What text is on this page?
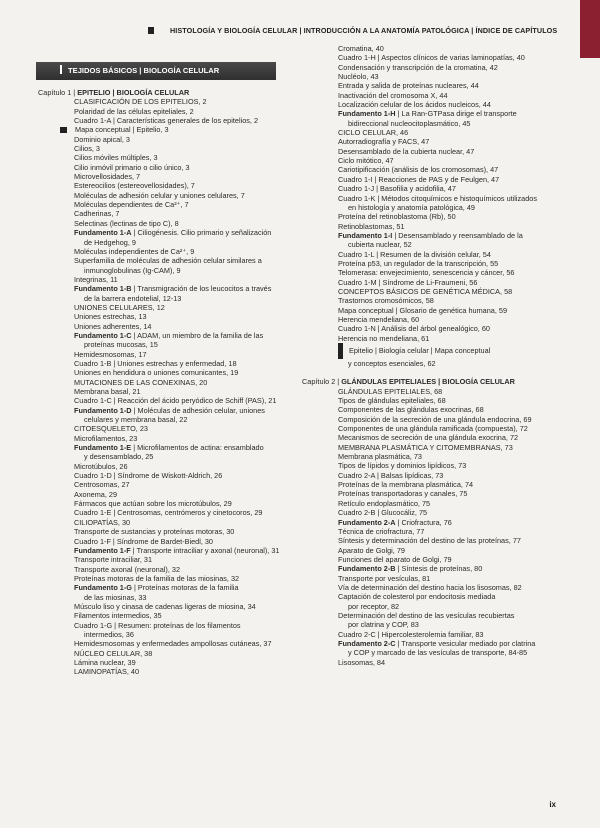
HISTOLOGÍA Y BIOLOGÍA CELULAR | INTRODUCCIÓN A LA ANATOMÍA PATOLÓGICA | ÍNDICE DE CAPÍTULOS
TEJIDOS BÁSICOS | BIOLOGÍA CELULAR
Capítulo 1 | EPITELIO | BIOLOGÍA CELULAR
CLASIFICACIÓN DE LOS EPITELIOS, 2
Polaridad de las células epiteliales, 2
Cuadro 1-A | Características generales de los epitelios, 2
Mapa conceptual | Epitelio, 3
Dominio apical, 3
Cilios, 3
Cilios móviles múltiples, 3
Cilio inmóvil primario o cilio único, 3
Microvellosidades, 7
Estereocilios (estereovellosidades), 7
Moléculas de adhesión celular y uniones celulares, 7
Moléculas dependientes de Ca²⁺, 7
Cadherinas, 7
Selectinas (lectinas de tipo C), 8
Fundamento 1-A | Ciliogénesis. Cilio primario y señalización
de Hedgehog, 9
Moléculas independientes de Ca²⁺, 9
Superfamilia de moléculas de adhesión celular similares a
inmunoglobulinas (Ig-CAM), 9
Integrinas, 11
Fundamento 1-B | Transmigración de los leucocitos a través
de la barrera endotelial, 12-13
UNIONES CELULARES, 12
Uniones estrechas, 13
Uniones adherentes, 14
Fundamento 1-C | ADAM, un miembro de la familia de las
proteínas mucosas, 15
Hemidesmosomas, 17
Cuadro 1-B | Uniones estrechas y enfermedad, 18
Uniones en hendidura o uniones comunicantes, 19
MUTACIONES DE LAS CONEXINAS, 20
Membrana basal, 21
Cuadro 1-C | Reacción del ácido peryódico de Schiff (PAS), 21
Fundamento 1-D | Moléculas de adhesión celular, uniones
celulares y membrana basal, 22
CITOESQUELETO, 23
Microfilamentos, 23
Fundamento 1-E | Microfilamentos de actina: ensamblado
y desensamblado, 25
Microtúbulos, 26
Cuadro 1-D | Síndrome de Wiskott-Aldrich, 26
Centrosomas, 27
Axonema, 29
Fármacos que actúan sobre los microtúbulos, 29
Cuadro 1-E | Centrosomas, centrómeros y cinetocoros, 29
CILIOPATÍAS, 30
Transporte de sustancias y proteínas motoras, 30
Cuadro 1-F | Síndrome de Bardet-Biedl, 30
Fundamento 1-F | Transporte intraciliar y axonal (neuronal), 31
Transporte intraciliar, 31
Transporte axonal (neuronal), 32
Proteínas motoras de la familia de las miosinas, 32
Fundamento 1-G | Proteínas motoras de la familia
de las miosinas, 33
Músculo liso y cinasa de cadenas ligeras de miosina, 34
Filamentos intermedios, 35
Cuadro 1-G | Resumen: proteínas de los filamentos
intermedios, 36
Hemidesmosomas y enfermedades ampollosas cutáneas, 37
NÚCLEO CELULAR, 38
Lámina nuclear, 39
LAMINOPATÍAS, 40
Cromatina, 40
Cuadro 1-H | Aspectos clínicos de varias laminopatías, 40
Condensación y transcripción de la cromatina, 42
Nucléolo, 43
Entrada y salida de proteínas nucleares, 44
Inactivación del cromosoma X, 44
Localización celular de los ácidos nucleicos, 44
Fundamento 1-H | La Ran-GTPasa dirige el transporte
bidireccional nucleocitoplasmático, 45
CICLO CELULAR, 46
Autorradiografía y FACS, 47
Desensamblado de la cubierta nuclear, 47
Ciclo mitótico, 47
Cariotipificación (análisis de los cromosomas), 47
Cuadro 1-I | Reacciones de PAS y de Feulgen, 47
Cuadro 1-J | Basofilia y acidofilia, 47
Cuadro 1-K | Métodos citoquímicos e histoquímicos utilizados
en histología y anatomía patológica, 49
Proteína del retinoblastoma (Rb), 50
Retinoblastomas, 51
Fundamento 1-I | Desensamblado y reensamblado de la
cubierta nuclear, 52
Cuadro 1-L | Resumen de la división celular, 54
Proteína p53, un regulador de la transcripción, 55
Telomerasa: envejecimiento, senescencia y cáncer, 56
Cuadro 1-M | Síndrome de Li-Fraumeni, 56
CONCEPTOS BÁSICOS DE GENÉTICA MÉDICA, 58
Trastornos cromosómicos, 58
Mapa conceptual | Glosario de genética humana, 59
Herencia mendeliana, 60
Cuadro 1-N | Análisis del árbol genealógico, 60
Herencia no mendeliana, 61
Epitelio | Biología celular | Mapa conceptual
y conceptos esenciales, 62
Capítulo 2 | GLÁNDULAS EPITELIALES | BIOLOGÍA CELULAR
GLÁNDULAS EPITELIALES, 68
Tipos de glándulas epiteliales, 68
Componentes de las glándulas exocrinas, 68
Composición de la secreción de una glándula endocrina, 69
Componentes de una glándula ramificada (compuesta), 72
Mecanismos de secreción de una glándula exocrina, 72
MEMBRANA PLASMÁTICA Y CITOMEMBRANAS, 73
Membrana plasmática, 73
Tipos de lípidos y dominios lipídicos, 73
Cuadro 2-A | Balsas lipídicas, 73
Proteínas de la membrana plasmática, 74
Proteínas transportadoras y canales, 75
Retículo endoplasmático, 75
Cuadro 2-B | Glucocáliz, 75
Fundamento 2-A | Criofractura, 76
Técnica de criofractura, 77
Síntesis y determinación del destino de las proteínas, 77
Aparato de Golgi, 79
Funciones del aparato de Golgi, 79
Fundamento 2-B | Síntesis de proteínas, 80
Transporte por vesículas, 81
Vía de determinación del destino hacia los lisosomas, 82
Captación de colesterol por endocitosis mediada
por receptor, 82
Determinación del destino de las vesículas recubiertas
por clatrina y COP, 83
Cuadro 2-C | Hipercolesterolemia familiar, 83
Fundamento 2-C | Transporte vesicular mediado por clatrina
y COP y marcado de las vesículas de transporte, 84-85
Lisosomas, 84
ix
